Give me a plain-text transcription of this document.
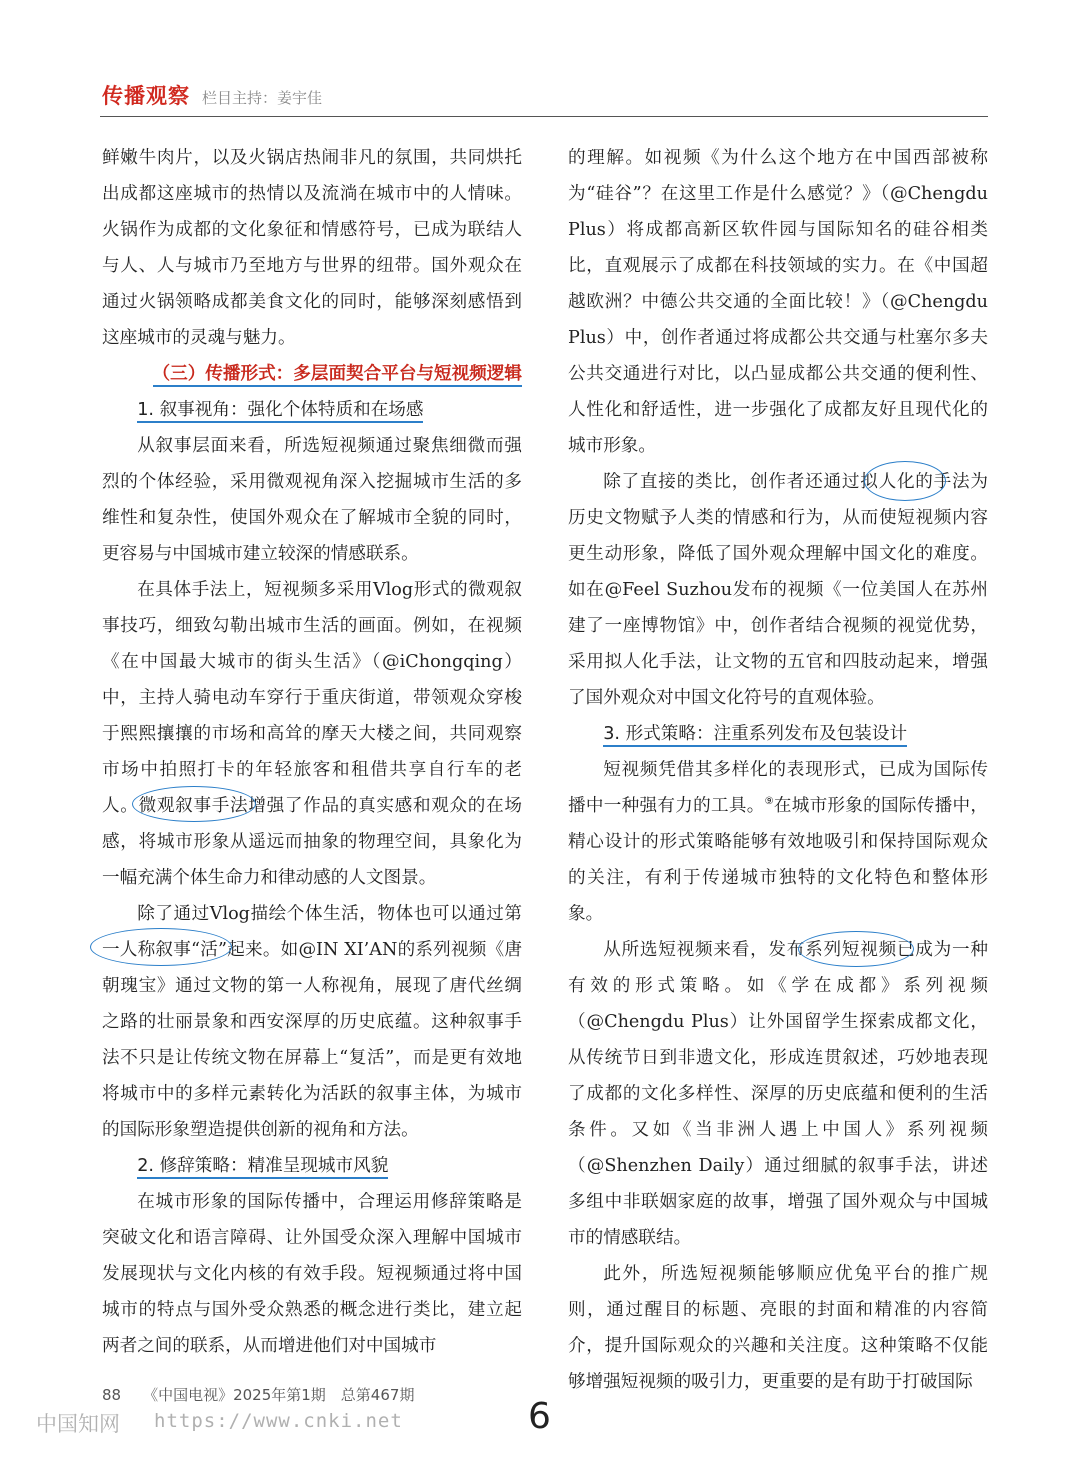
传播观察 栏目主持：姜宇佳

鲜嫩牛肉片，以及火锅店热闹非凡的氛围，共同烘托出成都这座城市的热情以及流淌在城市中的人情味。火锅作为成都的文化象征和情感符号，已成为联结人与人、人与城市乃至地方与世界的纽带。国外观众在通过火锅领略成都美食文化的同时，能够深刻感悟到这座城市的灵魂与魅力。

（三）传播形式：多层面契合平台与短视频逻辑
1. 叙事视角：强化个体特质和在场感

从叙事层面来看，所选短视频通过聚焦细微而强烈的个体经验，采用微观视角深入挖掘城市生活的多维性和复杂性，使国外观众在了解城市全貌的同时，更容易与中国城市建立较深的情感联系。

在具体手法上，短视频多采用Vlog形式的微观叙事技巧，细致勾勒出城市生活的画面。例如，在视频《在中国最大城市的街头生活》（@iChongqing）中，主持人骑电动车穿行于重庆街道，带领观众穿梭于熙熙攘攘的市场和高耸的摩天大楼之间，共同观察市场中拍照打卡的年轻旅客和租借共享自行车的老人。微观叙事手法增强了作品的真实感和观众的在场感，将城市形象从遥远而抽象的物理空间，具象化为一幅充满个体生命力和律动感的人文图景。

除了通过Vlog描绘个体生活，物体也可以通过第一人称叙事“活”起来。如@IN XI’AN的系列视频《唐朝瑰宝》通过文物的第一人称视角，展现了唐代丝绸之路的壮丽景象和西安深厚的历史底蕴。这种叙事手法不只是让传统文物在屏幕上“复活”，而是更有效地将城市中的多样元素转化为活跃的叙事主体，为城市的国际形象塑造提供创新的视角和方法。

2. 修辞策略：精准呈现城市风貌

在城市形象的国际传播中，合理运用修辞策略是突破文化和语言障碍、让外国受众深入理解中国城市发展现状与文化内核的有效手段。短视频通过将中国城市的特点与国外受众熟悉的概念进行类比，建立起两者之间的联系，从而增进他们对中国城市

的理解。如视频《为什么这个地方在中国西部被称为“硅谷”？在这里工作是什么感觉？》（@Chengdu Plus）将成都高新区软件园与国际知名的硅谷相类比，直观展示了成都在科技领域的实力。在《中国超越欧洲？中德公共交通的全面比较！》（@Chengdu Plus）中，创作者通过将成都公共交通与杜塞尔多夫公共交通进行对比，以凸显成都公共交通的便利性、人性化和舒适性，进一步强化了成都友好且现代化的城市形象。

除了直接的类比，创作者还通过拟人化的手法为历史文物赋予人类的情感和行为，从而使短视频内容更生动形象，降低了国外观众理解中国文化的难度。如在@Feel Suzhou发布的视频《一位美国人在苏州建了一座博物馆》中，创作者结合视频的视觉优势，采用拟人化手法，让文物的五官和四肢动起来，增强了国外观众对中国文化符号的直观体验。

3. 形式策略：注重系列发布及包装设计

短视频凭借其多样化的表现形式，已成为国际传播中一种强有力的工具。⑨在城市形象的国际传播中，精心设计的形式策略能够有效地吸引和保持国际观众的关注，有利于传递城市独特的文化特色和整体形象。

从所选短视频来看，发布系列短视频已成为一种有效的形式策略。如《学在成都》系列视频（@Chengdu Plus）让外国留学生探索成都文化，从传统节日到非遗文化，形成连贯叙述，巧妙地表现了成都的文化多样性、深厚的历史底蕴和便利的生活条件。又如《当非洲人遇上中国人》系列视频（@Shenzhen Daily）通过细腻的叙事手法，讲述多组中非联姻家庭的故事，增强了国外观众与中国城市的情感联结。

此外，所选短视频能够顺应优兔平台的推广规则，通过醒目的标题、亮眼的封面和精准的内容简介，提升国际观众的兴趣和关注度。这种策略不仅能够增强短视频的吸引力，更重要的是有助于打破国际

88 《中国电视》2025年第1期　总第467期
中国知网 https://www.cnki.net	6
